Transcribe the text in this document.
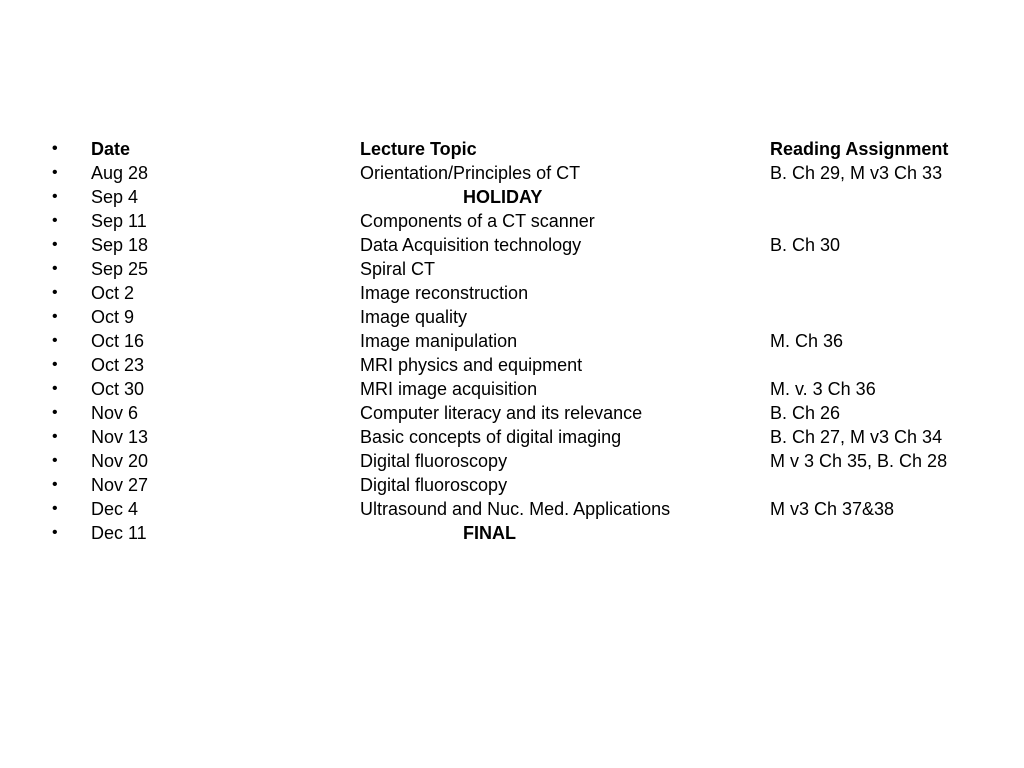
• Date	Lecture Topic	Reading Assignment
• Aug 28	Orientation/Principles of CT	B. Ch 29, M v3 Ch 33
• Sep 4	HOLIDAY
• Sep 11	Components of a CT scanner
• Sep 18	Data Acquisition technology	B. Ch 30
• Sep 25	Spiral CT
• Oct 2	Image reconstruction
• Oct 9	Image quality
• Oct 16	Image manipulation	M. Ch 36
• Oct 23	MRI physics and equipment
• Oct 30	MRI image acquisition	M. v. 3 Ch 36
• Nov 6	Computer literacy and its relevance	B. Ch 26
• Nov 13	Basic concepts of digital imaging	B. Ch 27, M v3 Ch 34
• Nov 20	Digital fluoroscopy	M v 3 Ch 35, B. Ch 28
• Nov 27	Digital fluoroscopy
• Dec 4	Ultrasound and Nuc. Med. Applications	M v3 Ch 37&38
• Dec 11	FINAL
